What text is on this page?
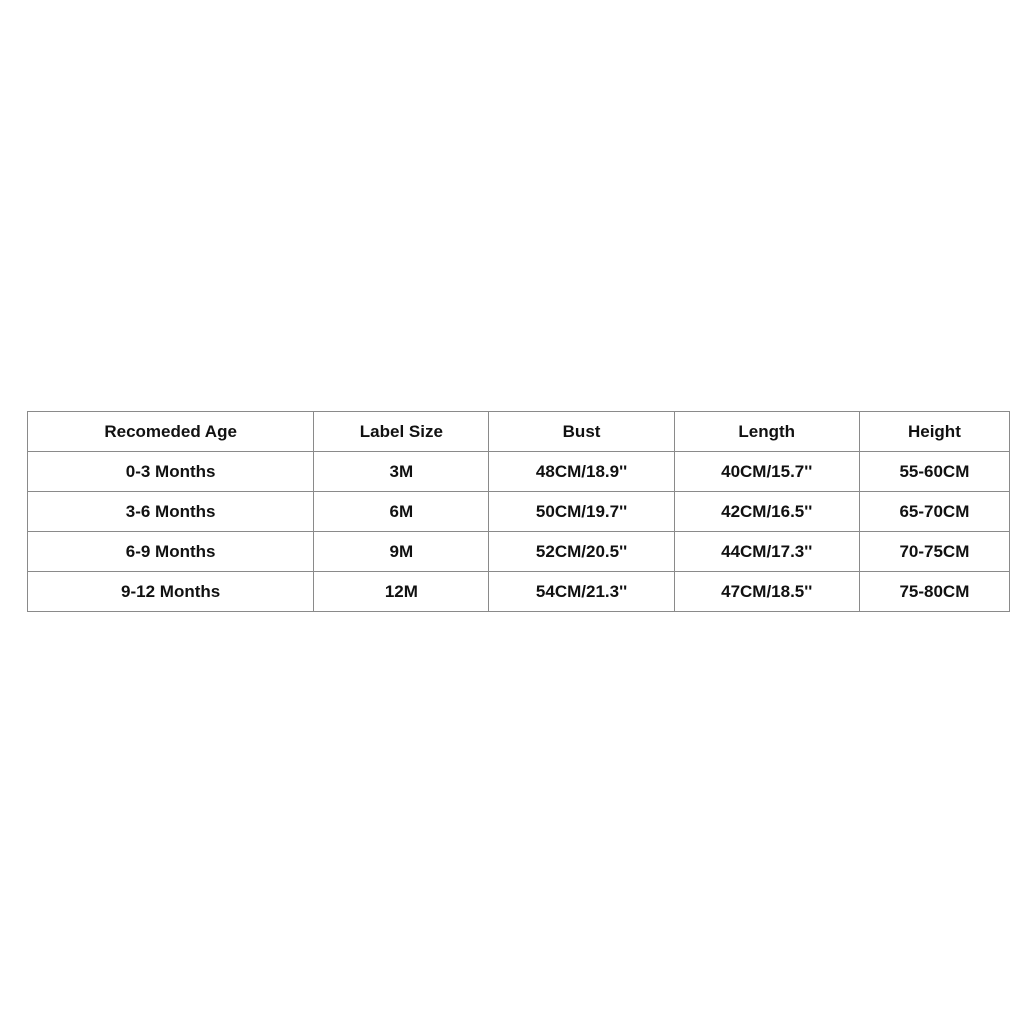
Recomeded Age	Label Size	Bust	Length	Height
0-3 Months	3M	48CM/18.9''	40CM/15.7''	55-60CM
3-6 Months	6M	50CM/19.7''	42CM/16.5''	65-70CM
6-9 Months	9M	52CM/20.5''	44CM/17.3''	70-75CM
9-12 Months	12M	54CM/21.3''	47CM/18.5''	75-80CM
